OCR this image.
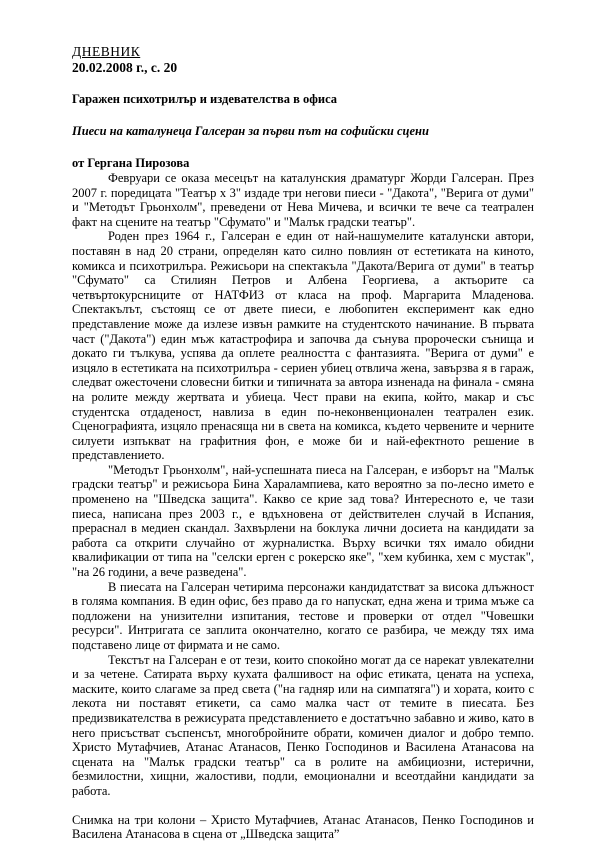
ДНЕВНИК
20.02.2008 г., с. 20
Гаражен психотрилър и издевателства в офиса
Пиеси на каталунеца Галсеран за първи път на софийски сцени
от Гергана Пирозова

Февруари се оказа месецът на каталунския драматург Жорди Галсеран. През 2007 г. поредицата "Театър х 3" издаде три негови пиеси - "Дакота", "Верига от думи" и "Методът Грьонхолм", преведени от Нева Мичева, и всички те вече са театрален факт на сцените на театър "Сфумато" и "Малък градски театър".

Роден през 1964 г., Галсеран е един от най-нашумелите каталунски автори, поставян в над 20 страни, определян като силно повлиян от естетиката на киното, комикса и психотрилъра. Режисьори на спектакъла "Дакота/Верига от думи" в театър "Сфумато" са Стилиян Петров и Албена Георгиева, а актьорите са четвъртокурсниците от НАТФИЗ от класа на проф. Маргарита Младенова. Спектакълът, състоящ се от двете пиеси, е любопитен експеримент как едно представление може да излезе извън рамките на студентското начинание. В първата част ("Дакота") един мъж катастрофира и започва да сънува пророчески сънища и докато ги тълкува, успява да оплете реалността с фантазията. "Верига от думи" е изцяло в естетиката на психотрилъра - сериен убиец отвлича жена, завързва я в гараж, следват ожесточени словесни битки и типичната за автора изненада на финала - смяна на ролите между жертвата и убиеца. Чест прави на екипа, който, макар и със студентска отдаденост, навлиза в един по-неконвенционален театрален език. Сценографията, изцяло пренасяща ни в света на комикса, където червените и черните силуети изпъкват на графитния фон, е може би и най-ефектното решение в представлението.

"Методът Грьонхолм", най-успешната пиеса на Галсеран, е изборът на "Малък градски театър" и режисьора Бина Харалампиева, като вероятно за по-лесно името е променено на "Шведска защита". Какво се крие зад това? Интересното е, че тази пиеса, написана през 2003 г., е вдъхновена от действителен случай в Испания, прераснал в медиен скандал. Захвърлени на боклука лични досиета на кандидати за работа са открити случайно от журналистка. Върху всички тях имало обидни квалификации от типа на "селски ерген с рокерско яке", "хем кубинка, хем с мустак", "на 26 години, а вече разведена".

В пиесата на Галсеран четирима персонажи кандидатстват за висока длъжност в голяма компания. В един офис, без право да го напускат, една жена и трима мъже са подложени на унизителни изпитания, тестове и проверки от отдел "Човешки ресурси". Интригата се заплита окончателно, когато се разбира, че между тях има подставено лице от фирмата и не само.

Текстът на Галсеран е от тези, които спокойно могат да се нарекат увлекателни и за четене. Сатирата върху кухата фалшивост на офис етиката, цената на успеха, маските, които слагаме за пред света ("на гадняр или на симпатяга") и хората, които с лекота ни поставят етикети, са само малка част от темите в пиесата. Без предизвикателства в режисурата представлението е достатъчно забавно и живо, като в него присъстват съспенсът, многобройните обрати, комичен диалог и добро темпо. Христо Мутафчиев, Атанас Атанасов, Пенко Господинов и Василена Атанасова на сцената на "Малък градски театър" са в ролите на амбициозни, истерични, безмилостни, хищни, жалостиви, подли, емоционални и всеотдайни кандидати за работа.

Снимка на три колони – Христо Мутафчиев, Атанас Атанасов, Пенко Господинов и Василена Атанасова в сцена от „Шведска защита”
